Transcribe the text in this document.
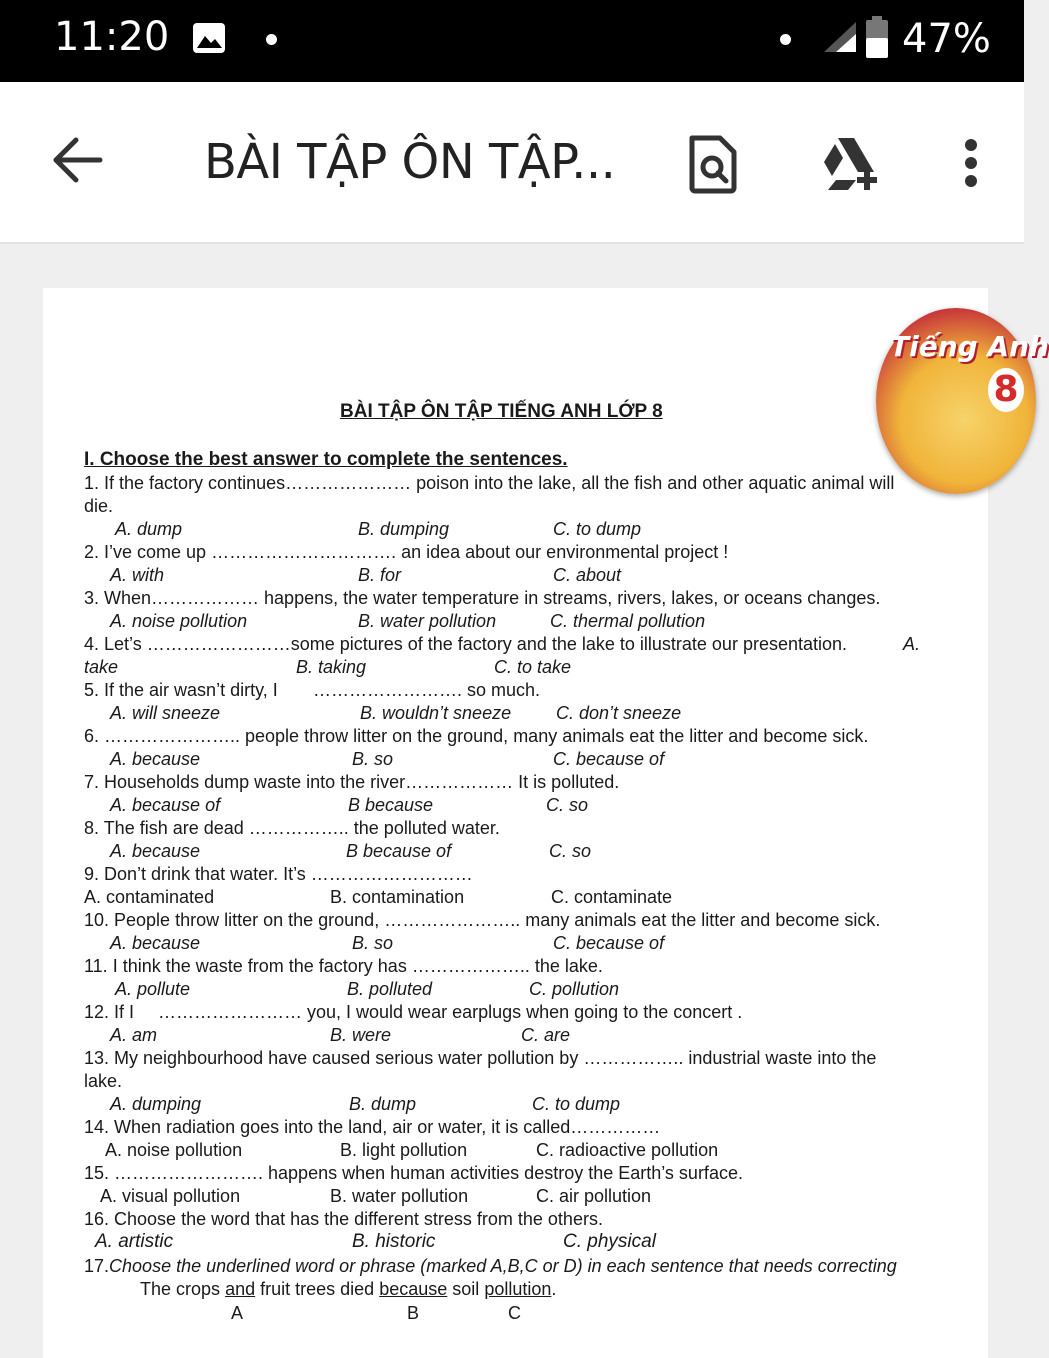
11:20	47%
BÀI TẬP ÔN TẬP...
Tiếng Anh
8
BÀI TẬP ÔN TẬP TIẾNG ANH LỚP 8
I. Choose the best answer to complete the sentences.
1. If the factory continues………………… poison into the lake, all the fish and other aquatic animal will
die.
A. dump	B. dumping	C. to dump
2. I’ve come up …………………………. an idea about our environmental project !
A. with	B. for	C. about
3. When……………… happens, the water temperature in streams, rivers, lakes, or oceans changes.
A. noise pollution	B. water pollution	C. thermal pollution
4. Let’s ……………………some pictures of the factory and the lake to illustrate our presentation.	A.
take	B. taking	C. to take
5. If the air wasn’t dirty, I ……………………. so much.
A. will sneeze	B. wouldn’t sneeze C. don’t sneeze
6. ………………….. people throw litter on the ground, many animals eat the litter and become sick.
A. because	B. so	C. because of
7. Households dump waste into the river……………… It is polluted.
A. because of	B because	C. so
8. The fish are dead …………….. the polluted water.
A. because	B because of	C. so
9. Don’t drink that water. It’s ………………………
A. contaminated	B. contamination	C. contaminate
10. People throw litter on the ground, ………………….. many animals eat the litter and become sick.
A. because	B. so	C. because of
11. I think the waste from the factory has ……………….. the lake.
A. pollute	B. polluted	C. pollution
12. If I …………………… you, I would wear earplugs when going to the concert .
A. am	B. were	C. are
13. My neighbourhood have caused serious water pollution by …………….. industrial waste into the
lake.
A. dumping	B. dump	C. to dump
14. When radiation goes into the land, air or water, it is called……………
A. noise pollution	B. light pollution	C. radioactive pollution
15. ……………………. happens when human activities destroy the Earth’s surface.
A. visual pollution	B. water pollution	C. air pollution
16. Choose the word that has the different stress from the others.
A. artistic	B. historic	C. physical
17.Choose the underlined word or phrase (marked A,B,C or D) in each sentence that needs correcting
The crops and fruit trees died because soil pollution.
A	B	C
